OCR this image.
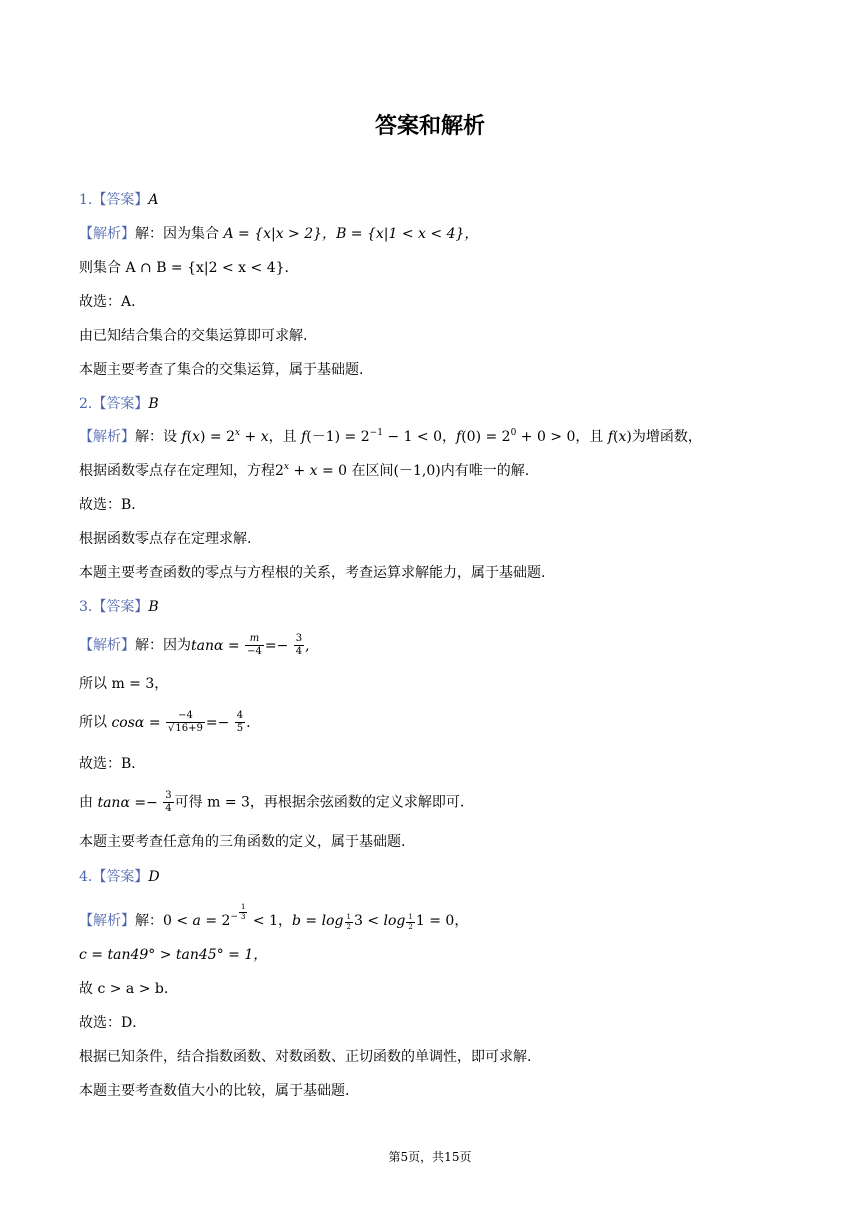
答案和解析
1.【答案】A
【解析】解：因为集合 A = {x|x > 2}，B = {x|1 < x < 4}，
则集合 A ∩ B = {x|2 < x < 4}.
故选：A．
由已知结合集合的交集运算即可求解.
本题主要考查了集合的交集运算，属于基础题.
2.【答案】B
【解析】解：设 $f(x) = 2^x + x$，且 $f(-1) = 2^{-1} - 1 < 0$，$f(0) = 2^0 + 0 > 0$，且 f(x)为增函数，
根据函数零点存在定理知，方程$2^x + x = 0$ 在区间(－1,0)内有唯一的解.
故选：B．
根据函数零点存在定理求解.
本题主要考查函数的零点与方程根的关系，考查运算求解能力，属于基础题.
3.【答案】B
【解析】解：因为$\tan\alpha = \frac{m}{-4} =- \frac{3}{4}$ ,
所以 m = 3，
所以 $\cos\alpha = \frac{-4}{√16+9} =- \frac{4}{5}$ .
故选：B．
由 $\tan\alpha =- \frac{3}{4}$ 可得 m = 3，再根据余弦函数的定义求解即可.
本题主要考查任意角的三角函数的定义，属于基础题.
4.【答案】D
【解析】解：$0 < a = 2^{- \frac{1}{3}} < 1$，b = log $_{\frac{1}{2}}$ 3 < log $_{\frac{1}{2}}$ 1 = 0，
c = tan49° > tan45° = 1，
故 c > a > b.
故选：D．
根据已知条件，结合指数函数、对数函数、正切函数的单调性，即可求解.
本题主要考查数值大小的比较，属于基础题.
第5页，共15页
